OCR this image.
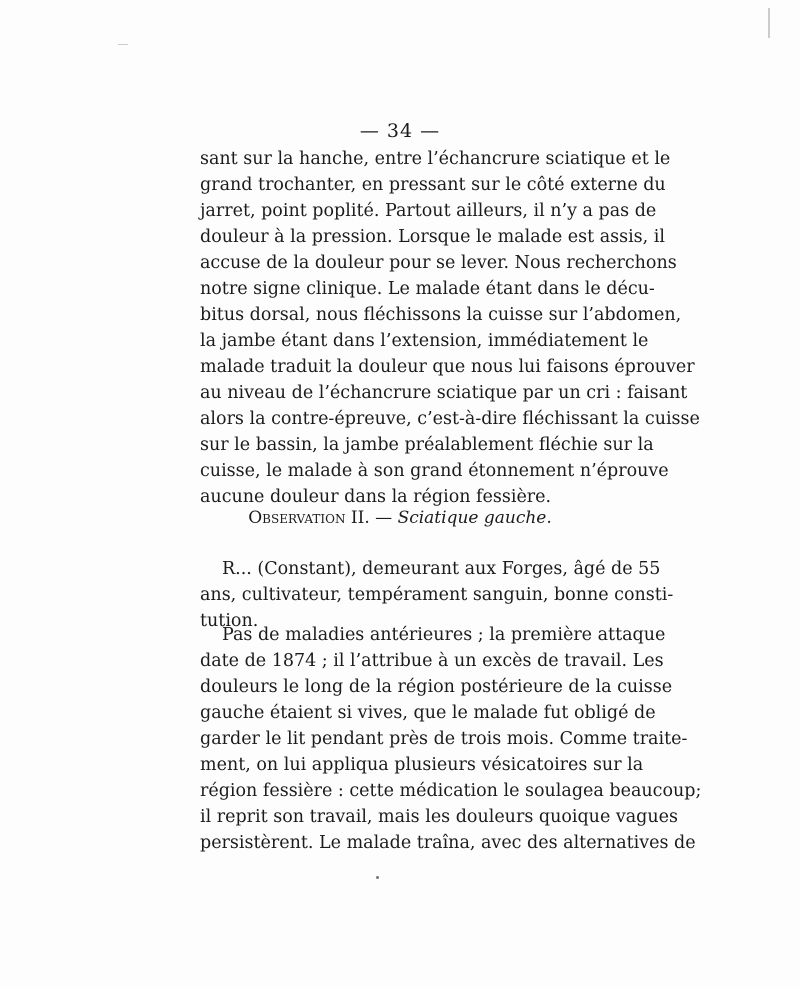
— 34 —
sant sur la hanche, entre l’échancrure sciatique et le
grand trochanter, en pressant sur le côté externe du
jarret, point poplité. Partout ailleurs, il n’y a pas de
douleur à la pression. Lorsque le malade est assis, il
accuse de la douleur pour se lever. Nous recherchons
notre signe clinique. Le malade étant dans le décu-
bitus dorsal, nous fléchissons la cuisse sur l’abdomen,
la jambe étant dans l’extension, immédiatement le
malade traduit la douleur que nous lui faisons éprouver
au niveau de l’échancrure sciatique par un cri : faisant
alors la contre-épreuve, c’est-à-dire fléchissant la cuisse
sur le bassin, la jambe préalablement fléchie sur la
cuisse, le malade à son grand étonnement n’éprouve
aucune douleur dans la région fessière.
Observation II. — Sciatique gauche.
R... (Constant), demeurant aux Forges, âgé de 55
ans, cultivateur, tempérament sanguin, bonne consti-
tution.
Pas de maladies antérieures ; la première attaque
date de 1874 ; il l’attribue à un excès de travail. Les
douleurs le long de la région postérieure de la cuisse
gauche étaient si vives, que le malade fut obligé de
garder le lit pendant près de trois mois. Comme traite-
ment, on lui appliqua plusieurs vésicatoires sur la
région fessière : cette médication le soulagea beaucoup;
il reprit son travail, mais les douleurs quoique vagues
persistèrent. Le malade traîna, avec des alternatives de
